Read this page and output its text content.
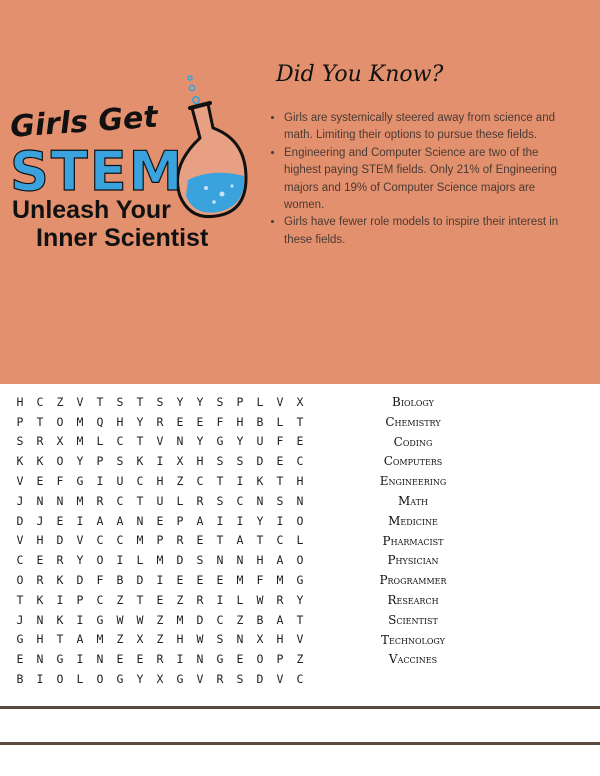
Girls Get
STEM
Unleash Your
Inner Scientist
Did You Know?
• Girls are systemically steered away from science and math. Limiting their options to pursue these fields.
• Engineering and Computer Science are two of the highest paying STEM fields. Only 21% of Engineering majors and 19% of Computer Science majors are women.
• Girls have fewer role models to inspire their interest in these fields.
H	C	Z	V	T	S	T	S	Y	Y	S	P	L	V	X
P	T	O	M	Q	H	Y	R	E	E	F	H	B	L	T
S	R	X	M	L	C	T	V	N	Y	G	Y	U	F	E
K	K	O	Y	P	S	K	I	X	H	S	S	D	E	C
V	E	F	G	I	U	C	H	Z	C	T	I	K	T	H
J	N	N	M	R	C	T	U	L	R	S	C	N	S	N
D	J	E	I	A	A	N	E	P	A	I	I	Y	I	O
V	H	D	V	C	C	M	P	R	E	T	A	T	C	L
C	E	R	Y	O	I	L	M	D	S	N	N	H	A	O
O	R	K	D	F	B	D	I	E	E	E	M	F	M	G
T	K	I	P	C	Z	T	E	Z	R	I	L	W	R	Y
J	N	K	I	G	W	W	Z	M	D	C	Z	B	A	T
G	H	T	A	M	Z	X	Z	H	W	S	N	X	H	V
E	N	G	I	N	E	E	R	I	N	G	E	O	P	Z
B	I	O	L	O	G	Y	X	G	V	R	S	D	V	C
Biology
Chemistry
Coding
Computers
Engineering
Math
Medicine
Pharmacist
Physician
Programmer
Research
Scientist
Technology
Vaccines
